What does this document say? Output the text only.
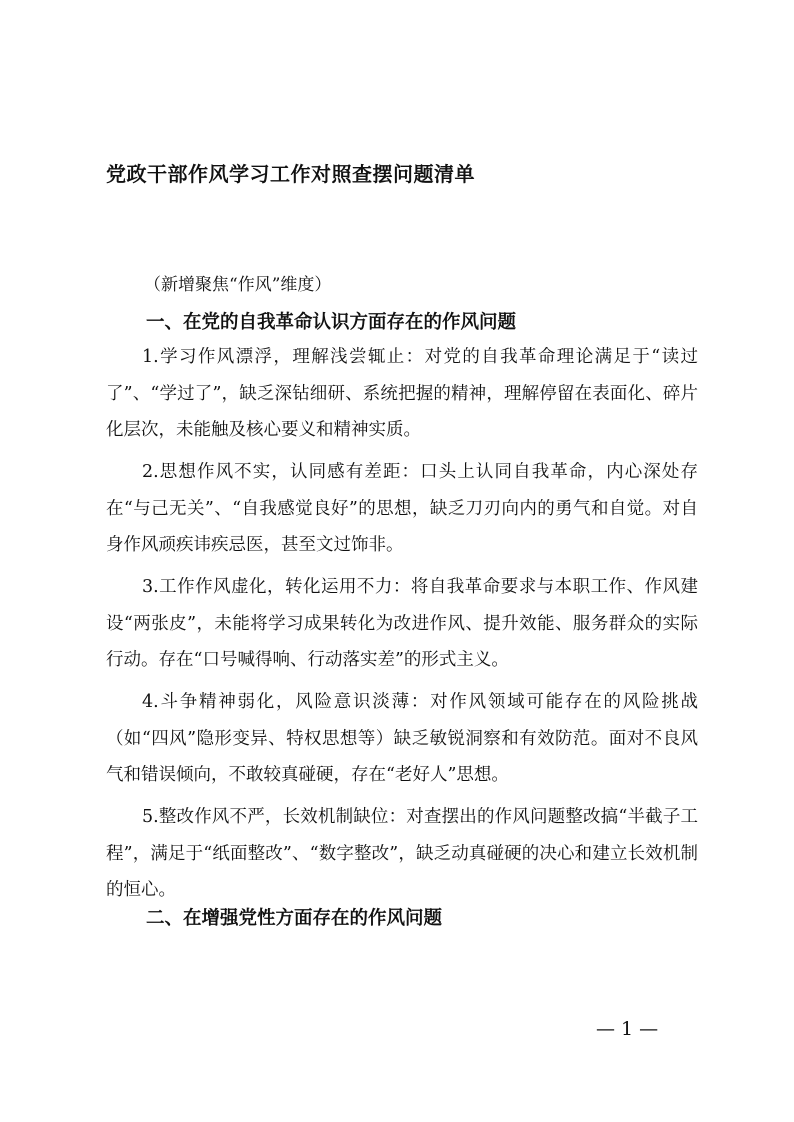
党政干部作风学习工作对照查摆问题清单
（新增聚焦“作风”维度）
一、在党的自我革命认识方面存在的作风问题

1.学习作风漂浮，理解浅尝辄止：对党的自我革命理论满足于“读过了”、“学过了”，缺乏深钻细研、系统把握的精神，理解停留在表面化、碎片化层次，未能触及核心要义和精神实质。

2.思想作风不实，认同感有差距：口头上认同自我革命，内心深处存在“与己无关”、“自我感觉良好”的思想，缺乏刀刃向内的勇气和自觉。对自身作风顽疾讳疾忌医，甚至文过饰非。

3.工作作风虚化，转化运用不力：将自我革命要求与本职工作、作风建设“两张皮”，未能将学习成果转化为改进作风、提升效能、服务群众的实际行动。存在“口号喊得响、行动落实差”的形式主义。

4.斗争精神弱化，风险意识淡薄：对作风领域可能存在的风险挑战（如“四风”隐形变异、特权思想等）缺乏敏锐洞察和有效防范。面对不良风气和错误倾向，不敢较真碰硬，存在“老好人”思想。

5.整改作风不严，长效机制缺位：对查摆出的作风问题整改搞“半截子工程”，满足于“纸面整改”、“数字整改”，缺乏动真碰硬的决心和建立长效机制的恒心。

二、在增强党性方面存在的作风问题
— 1 —
